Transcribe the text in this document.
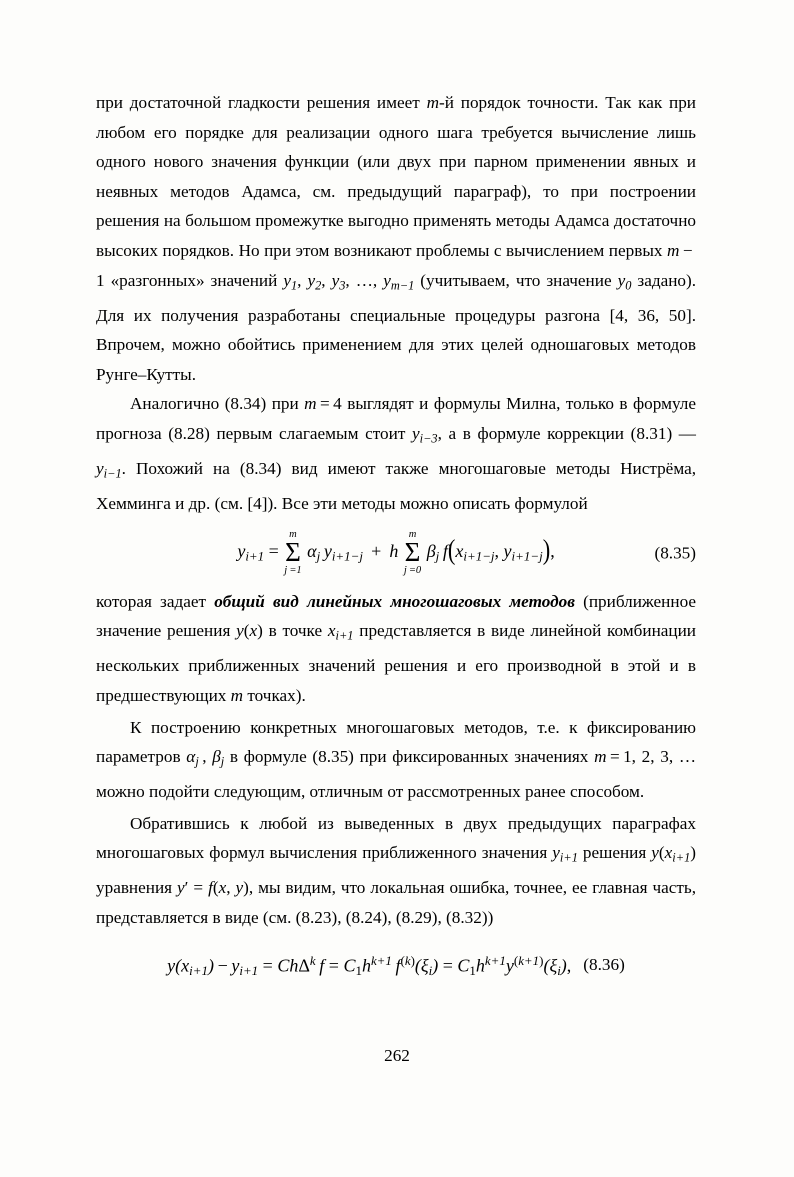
при достаточной гладкости решения имеет m-й порядок точности. Так как при любом его порядке для реализации одного шага требуется вычисление лишь одного нового значения функции (или двух при парном применении явных и неявных методов Адамса, см. предыдущий параграф), то при построении решения на большом промежутке выгодно применять методы Адамса достаточно высоких порядков. Но при этом возникают проблемы с вычислением первых m − 1 «разгонных» значений $y_1$, $y_2$, $y_3$, …, $y_{m-1}$ (учитываем, что значение $y_0$ задано). Для их получения разработаны специальные процедуры разгона [4, 36, 50]. Впрочем, можно обойтись применением для этих целей одношаговых методов Рунге–Кутты.

Аналогично (8.34) при m = 4 выглядят и формулы Милна, только в формуле прогноза (8.28) первым слагаемым стоит $y_{i-3}$, а в формуле коррекции (8.31) — $y_{i-1}$. Похожий на (8.34) вид имеют также многошаговые методы Нистрёма, Хемминга и др. (см. [4]). Все эти методы можно описать формулой

$y_{i+1}$ =
m
Σ
j =1
$\alpha_j$ $y_{i+1-j} + h$
m
Σ
j =0
$\beta_j$ $f(x_{i+1-j}$, $y_{i+1-j}$),	(8.35)

которая задает общий вид линейных многошаговых методов (приближенное значение решения y(x) в точке $x_{i+1}$ представляется в виде линейной комбинации нескольких приближенных значений решения и его производной в этой и в предшествующих m точках).

К построению конкретных многошаговых методов, т.е. к фиксированию параметров $\alpha_j$ , $\beta_j$ в формуле (8.35) при фиксированных значениях m = 1, 2, 3, … можно подойти следующим, отличным от рассмотренных ранее способом.

Обратившись к любой из выведенных в двух предыдущих параграфах многошаговых формул вычисления приближенного значения $y_{i+1}$ решения $y(x_{i+1})$ уравнения y′ = f(x, y), мы видим, что локальная ошибка, точнее, ее главная часть, представляется в виде (см. (8.23), (8.24), (8.29), (8.32))

$y(x_{i+1}) - y_{i+1} = Ch\Delta^k$ $f = C_1h^{k+1}$ $f^{(k)}(\xi_i) = C_1h^{k+1}y^{(k+1)}(\xi_i)$, (8.36)
262
